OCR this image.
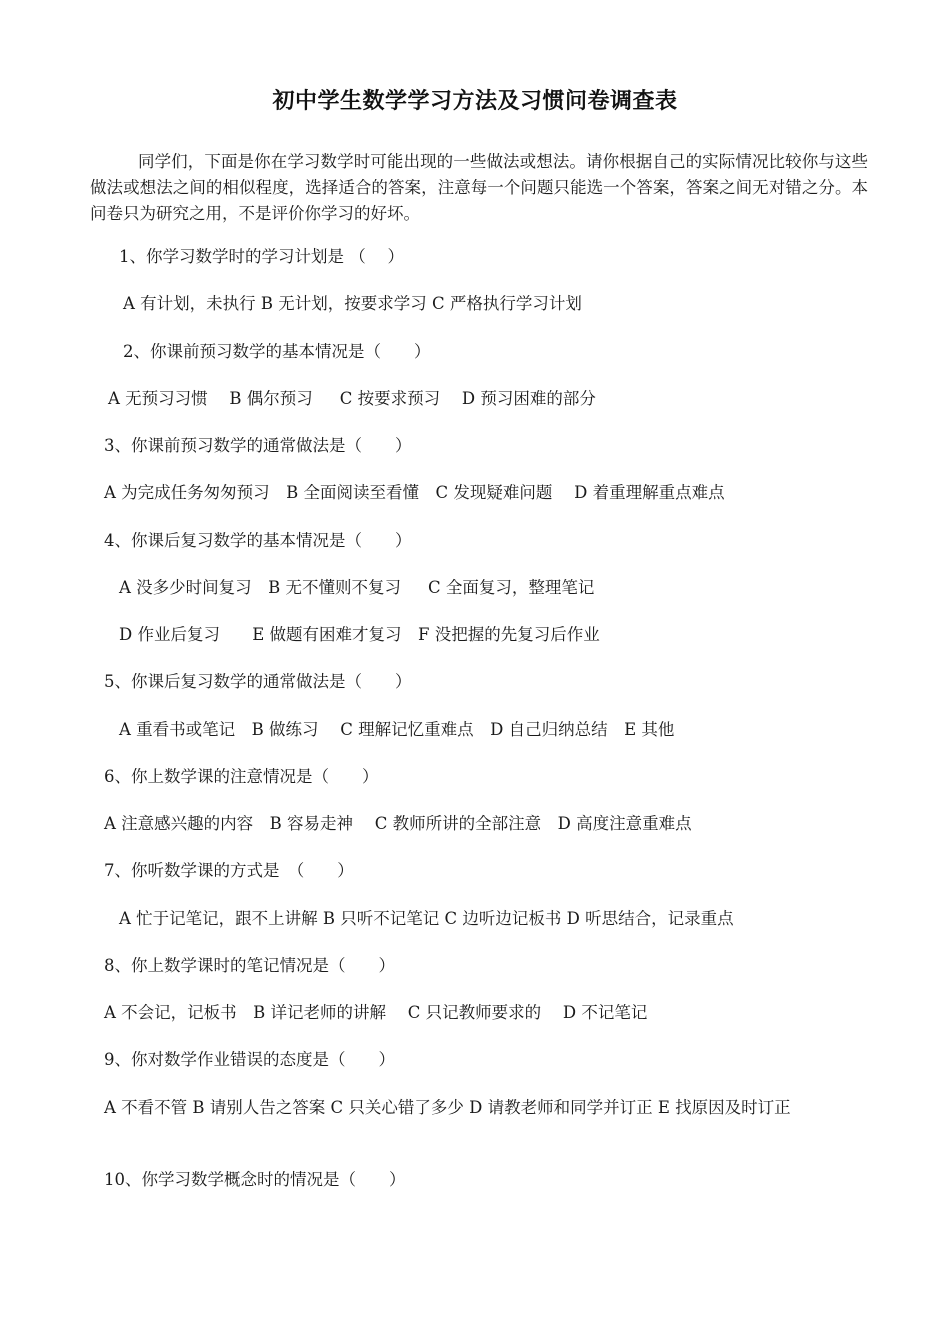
初中学生数学学习方法及习惯问卷调查表
同学们，下面是你在学习数学时可能出现的一些做法或想法。请你根据自己的实际情况比较你与这些做法或想法之间的相似程度，选择适合的答案，注意每一个问题只能选一个答案，答案之间无对错之分。本问卷只为研究之用，不是评价你学习的好坏。
1、你学习数学时的学习计划是 （　 ）
A 有计划，未执行 B 无计划，按要求学习 C 严格执行学习计划
2、你课前预习数学的基本情况是（　　）
A 无预习习惯　 B 偶尔预习　  C 按要求预习　 D 预习困难的部分
3、你课前预习数学的通常做法是（　　）
A 为完成任务匆匆预习　B 全面阅读至看懂　C 发现疑难问题　 D 着重理解重点难点
4、你课后复习数学的基本情况是（　　）
A 没多少时间复习　B 无不懂则不复习　  C 全面复习，整理笔记
D 作业后复习　   E 做题有困难才复习　F 没把握的先复习后作业
5、你课后复习数学的通常做法是（　　）
A 重看书或笔记　B 做练习　 C 理解记忆重难点　D 自己归纳总结　E 其他
6、你上数学课的注意情况是（　　）
A 注意感兴趣的内容　B 容易走神　 C 教师所讲的全部注意　D 高度注意重难点
7、你听数学课的方式是　（　　）
A 忙于记笔记，跟不上讲解 B 只听不记笔记 C 边听边记板书 D 听思结合，记录重点
8、你上数学课时的笔记情况是（　　）
A 不会记，记板书　B 详记老师的讲解　 C 只记教师要求的　 D 不记笔记
9、你对数学作业错误的态度是（　　）
A 不看不管 B 请别人告之答案 C 只关心错了多少 D 请教老师和同学并订正 E 找原因及时订正
10、你学习数学概念时的情况是（　　）
